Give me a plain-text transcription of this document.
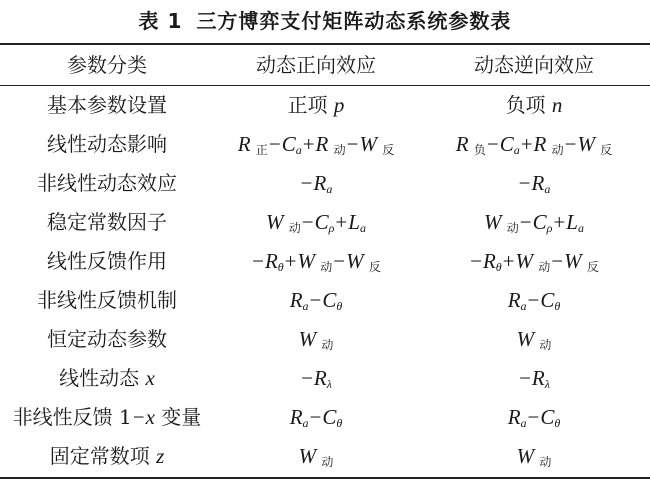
表 1 三方博弈支付矩阵动态系统参数表
参数分类	动态正向效应	动态逆向效应
基本参数设置	正项 p	负项 n
线性动态影响	R 正$-C_a+R$ 动−W 反	R 负$-C_a+R$ 动−W 反
非线性动态效应	$-R_a$	$-R_a$
稳定常数因子	W 动$-C_\rho+L_a$	W 动$-C_\rho+L_a$
线性反馈作用	$-R_\theta+W$ 动−W 反	$-R_\theta+W$ 动−W 反
非线性反馈机制	$R_a-C_\theta$	$R_a-C_\theta$
恒定动态参数	W 动	W 动
线性动态 x	$-R_\lambda$	$-R_\lambda$
非线性反馈 1−x 变量	$R_a-C_\theta$	$R_a-C_\theta$
固定常数项 z	W 动	W 动
